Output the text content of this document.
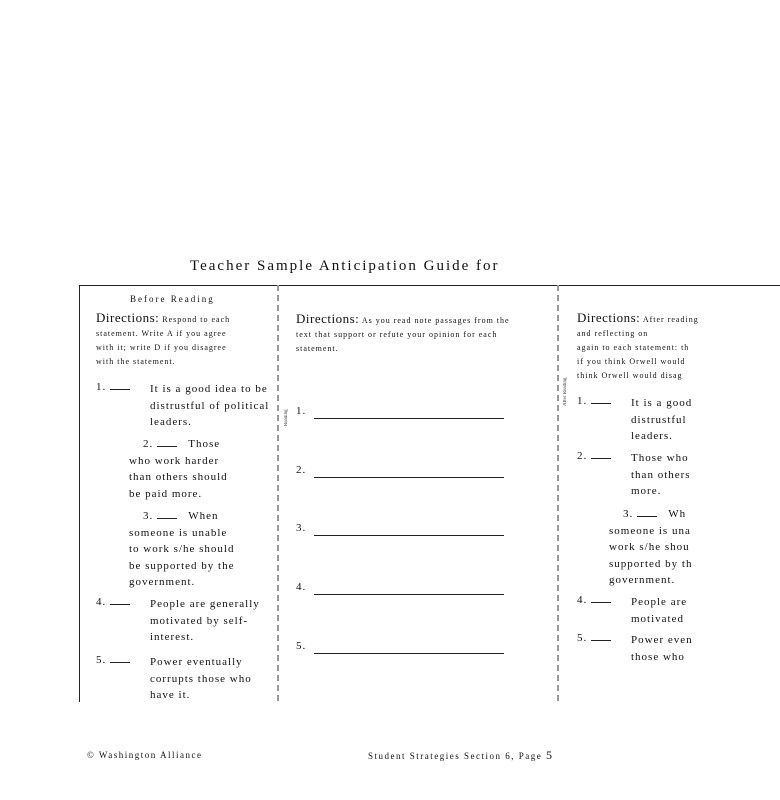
Teacher Sample Anticipation Guide for
Before Reading
Directions: Respond to each
statement. Write A if you agree
with it; write D if you disagree
with the statement.
1.	It is a good idea to be
distrustful of political
leaders.
2.	Those
who work harder
than others should
be paid more.
3.	When
someone is unable
to work s/he should
be supported by the
government.
4.	People are generally
motivated by self-
interest.
5.	Power eventually
corrupts those who
have it.
Reading
Directions: As you read note passages from the
text that support or refute your opinion for each
statement.
1.
2.
3.
4.
5.
After Reading
Directions: After reading
and reflecting on
again to each statement: th
if you think Orwell would
think Orwell would disag
1.	It is a good
distrustful
leaders.
2.	Those who
than others
more.
3.	Wh
someone is una
work s/he shou
supported by th
government.
4.	People are
motivated
5.	Power even
those who
© Washington Alliance	Student Strategies Section 6, Page 5
